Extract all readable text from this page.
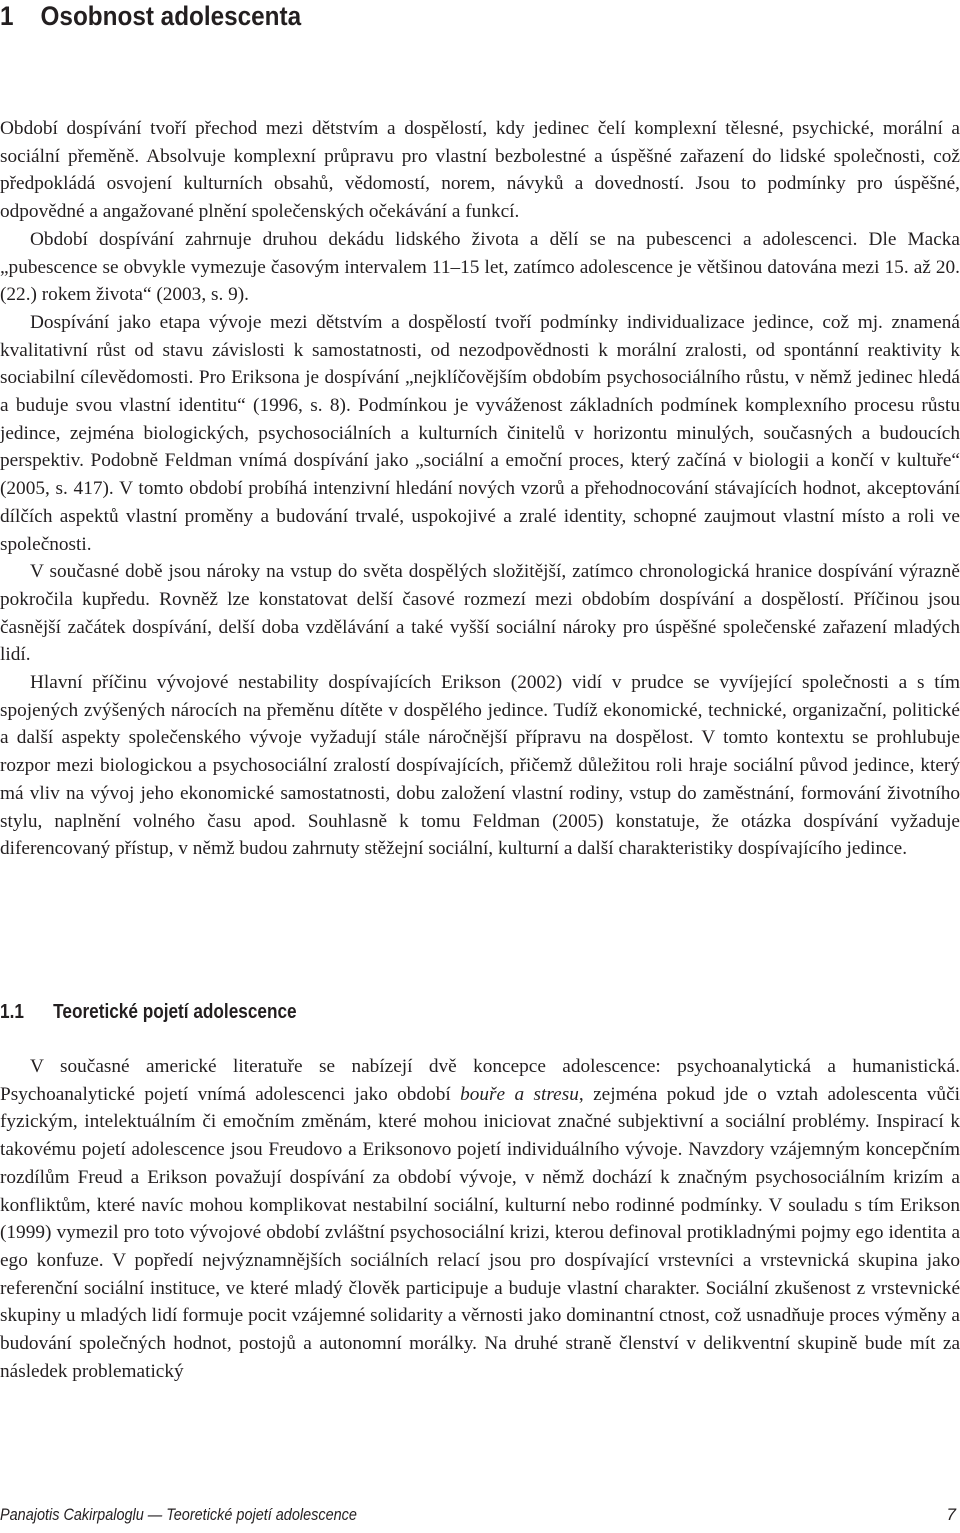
1 Osobnost adolescenta

Období dospívání tvoří přechod mezi dětstvím a dospělostí, kdy jedinec čelí komplexní tělesné, psychické, morální a sociální přeměně. Absolvuje komplexní průpravu pro vlastní bezbolestné a úspěšné zařazení do lidské společnosti, což předpokládá osvojení kulturních obsahů, vědomostí, norem, návyků a dovedností. Jsou to podmínky pro úspěšné, odpovědné a angažované plnění společenských očekávání a funkcí.

Období dospívání zahrnuje druhou dekádu lidského života a dělí se na pubescenci a adolescenci. Dle Macka „pubescence se obvykle vymezuje časovým intervalem 11–15 let, zatímco adolescence je většinou datována mezi 15. až 20. (22.) rokem života“ (2003, s. 9).

Dospívání jako etapa vývoje mezi dětstvím a dospělostí tvoří podmínky individualizace jedince, což mj. znamená kvalitativní růst od stavu závislosti k samostatnosti, od nezodpovědnosti k morální zralosti, od spontánní reaktivity k sociabilní cílevědomosti. Pro Eriksona je dospívání „nejklíčovějším obdobím psychosociálního růstu, v němž jedinec hledá a buduje svou vlastní identitu“ (1996, s. 8). Podmínkou je vyváženost základních podmínek komplexního procesu růstu jedince, zejména biologických, psychosociálních a kulturních činitelů v horizontu minulých, současných a budoucích perspektiv. Podobně Feldman vnímá dospívání jako „sociální a emoční proces, který začíná v biologii a končí v kultuře“ (2005, s. 417). V tomto období probíhá intenzivní hledání nových vzorů a přehodnocování stávajících hodnot, akceptování dílčích aspektů vlastní proměny a budování trvalé, uspokojivé a zralé identity, schopné zaujmout vlastní místo a roli ve společnosti.

V současné době jsou nároky na vstup do světa dospělých složitější, zatímco chronologická hranice dospívání výrazně pokročila kupředu. Rovněž lze konstatovat delší časové rozmezí mezi obdobím dospívání a dospělostí. Příčinou jsou časnější začátek dospívání, delší doba vzdělávání a také vyšší sociální nároky pro úspěšné společenské zařazení mladých lidí.

Hlavní příčinu vývojové nestability dospívajících Erikson (2002) vidí v prudce se vyvíjející společnosti a s tím spojených zvýšených nárocích na přeměnu dítěte v dospělého jedince. Tudíž ekonomické, technické, organizační, politické a další aspekty společenského vývoje vyžadují stále náročnější přípravu na dospělost. V tomto kontextu se prohlubuje rozpor mezi biologickou a psychosociální zralostí dospívajících, přičemž důležitou roli hraje sociální původ jedince, který má vliv na vývoj jeho ekonomické samostatnosti, dobu založení vlastní rodiny, vstup do zaměstnání, formování životního stylu, naplnění volného času apod. Souhlasně k tomu Feldman (2005) konstatuje, že otázka dospívání vyžaduje diferencovaný přístup, v němž budou zahrnuty stěžejní sociální, kulturní a další charakteristiky dospívajícího jedince.

1.1 Teoretické pojetí adolescence

V současné americké literatuře se nabízejí dvě koncepce adolescence: psychoanalytická a humanistická. Psychoanalytické pojetí vnímá adolescenci jako období bouře a stresu, zejména pokud jde o vztah adolescenta vůči fyzickým, intelektuálním či emočním změnám, které mohou iniciovat značné subjektivní a sociální problémy. Inspirací k takovému pojetí adolescence jsou Freudovo a Eriksonovo pojetí individuálního vývoje. Navzdory vzájemným koncepčním rozdílům Freud a Erikson považují dospívání za období vývoje, v němž dochází k značným psychosociálním krizím a konfliktům, které navíc mohou komplikovat nestabilní sociální, kulturní nebo rodinné podmínky. V souladu s tím Erikson (1999) vymezil pro toto vývojové období zvláštní psychosociální krizi, kterou definoval protikladnými pojmy ego identita a ego konfuze. V popředí nejvýznamnějších sociálních relací jsou pro dospívající vrstevníci a vrstevnická skupina jako referenční sociální instituce, ve které mladý člověk participuje a buduje vlastní charakter. Sociální zkušenost z vrstevnické skupiny u mladých lidí formuje pocit vzájemné solidarity a věrnosti jako dominantní ctnost, což usnadňuje proces výměny a budování společných hodnot, postojů a autonomní morálky. Na druhé straně členství v delikventní skupině bude mít za následek problematický

Panajotis Cakirpaloglu — Teoretické pojetí adolescence	7
